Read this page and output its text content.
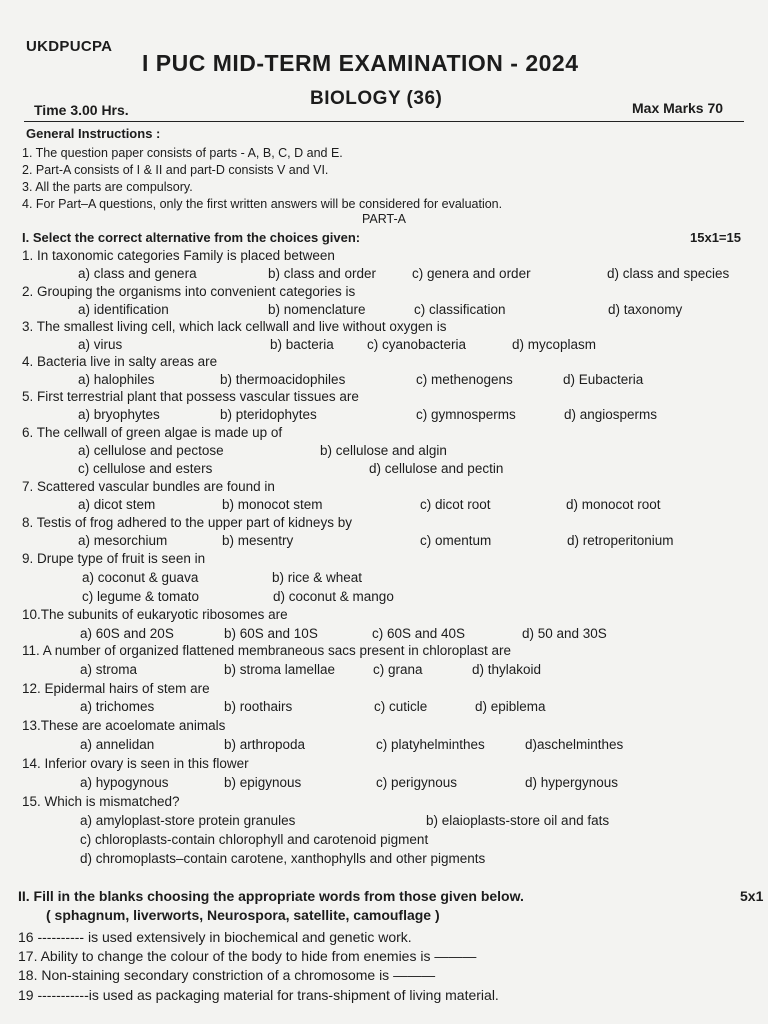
UKDPUCPA
I PUC MID-TERM EXAMINATION - 2024
Time 3.00 Hrs.
BIOLOGY (36)	Max Marks 70
General Instructions :
1. The question paper consists of parts - A, B, C, D and E.
2. Part-A consists of I & II and part-D consists V and VI.
3. All the parts are compulsory.
4. For Part–A questions, only the first written answers will be considered for evaluation.
PART-A
I. Select the correct alternative from the choices given:	15x1=15
1. In taxonomic categories Family is placed between
a) class and genera	b) class and order	c) genera and order	d) class and species
2. Grouping the organisms into convenient categories is
a) identification	b) nomenclature	c) classification	d) taxonomy
3. The smallest living cell, which lack cellwall and live without oxygen is
a) virus	b) bacteria c) cyanobacteria	d) mycoplasm
4. Bacteria live in salty areas are
a) halophiles	b) thermoacidophiles	c) methenogens	d) Eubacteria
5. First terrestrial plant that possess vascular tissues are
a) bryophytes	b) pteridophytes	c) gymnosperms	d) angiosperms
6. The cellwall of green algae is made up of
a) cellulose and pectose	b) cellulose and algin
c) cellulose and esters	d) cellulose and pectin
7. Scattered vascular bundles are found in
a) dicot stem	b) monocot stem	c) dicot root	d) monocot root
8. Testis of frog adhered to the upper part of kidneys by
a) mesorchium	b) mesentry	c) omentum	d) retroperitonium
9. Drupe type of fruit is seen in
a) coconut & guava	b) rice & wheat
c) legume & tomato	d) coconut & mango
10.The subunits of eukaryotic ribosomes are
a) 60S and 20S	b) 60S and 10S	c) 60S and 40S	d) 50 and 30S
11. A number of organized flattened membraneous sacs present in chloroplast are
a) stroma	b) stroma lamellae	c) grana	d) thylakoid
12. Epidermal hairs of stem are
a) trichomes	b) roothairs	c) cuticle	d) epiblema
13.These are acoelomate animals
a) annelidan	b) arthropoda	c) platyhelminthes	d)aschelminthes
14. Inferior ovary is seen in this flower
a) hypogynous	b) epigynous	c) perigynous	d) hypergynous
15. Which is mismatched?
a) amyloplast-store protein granules	b) elaioplasts-store oil and fats
c) chloroplasts-contain chlorophyll and carotenoid pigment
d) chromoplasts–contain carotene, xanthophylls and other pigments
II. Fill in the blanks choosing the appropriate words from those given below.	5x1
( sphagnum, liverworts, Neurospora, satellite, camouflage )
16 ---------- is used extensively in biochemical and genetic work.
17. Ability to change the colour of the body to hide from enemies is ———
18. Non-staining secondary constriction of a chromosome is ———
19 -----------is used as packaging material for trans-shipment of living material.
